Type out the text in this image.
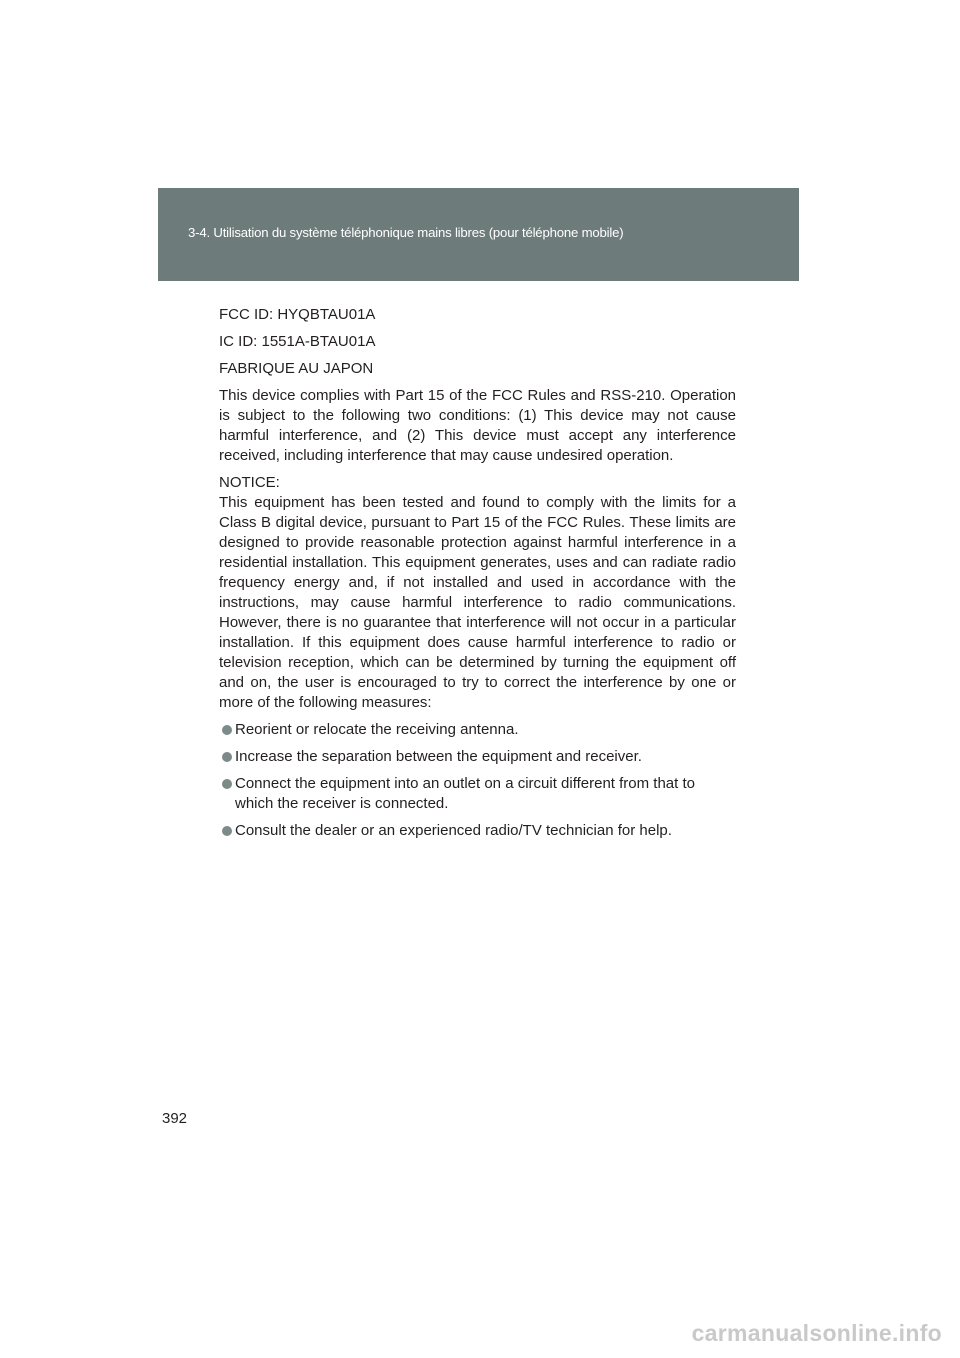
3-4. Utilisation du système téléphonique mains libres (pour téléphone mobile)

FCC ID: HYQBTAU01A

IC ID: 1551A-BTAU01A

FABRIQUE AU JAPON

This device complies with Part 15 of the FCC Rules and RSS-210. Operation is subject to the following two conditions: (1) This device may not cause harmful interference, and (2) This device must accept any interference received, including interference that may cause undesired operation.

NOTICE:

This equipment has been tested and found to comply with the limits for a Class B digital device, pursuant to Part 15 of the FCC Rules. These limits are designed to provide reasonable protection against harmful interference in a residential installation. This equipment generates, uses and can radiate radio frequency energy and, if not installed and used in accordance with the instructions, may cause harmful interference to radio communications. However, there is no guarantee that interference will not occur in a particular installation. If this equipment does cause harmful interference to radio or television reception, which can be determined by turning the equipment off and on, the user is encouraged to try to correct the interference by one or more of the following measures:

Reorient or relocate the receiving antenna.
Increase the separation between the equipment and receiver.
Connect the equipment into an outlet on a circuit different from that to which the receiver is connected.
Consult the dealer or an experienced radio/TV technician for help.
392
carmanualsonline.info
